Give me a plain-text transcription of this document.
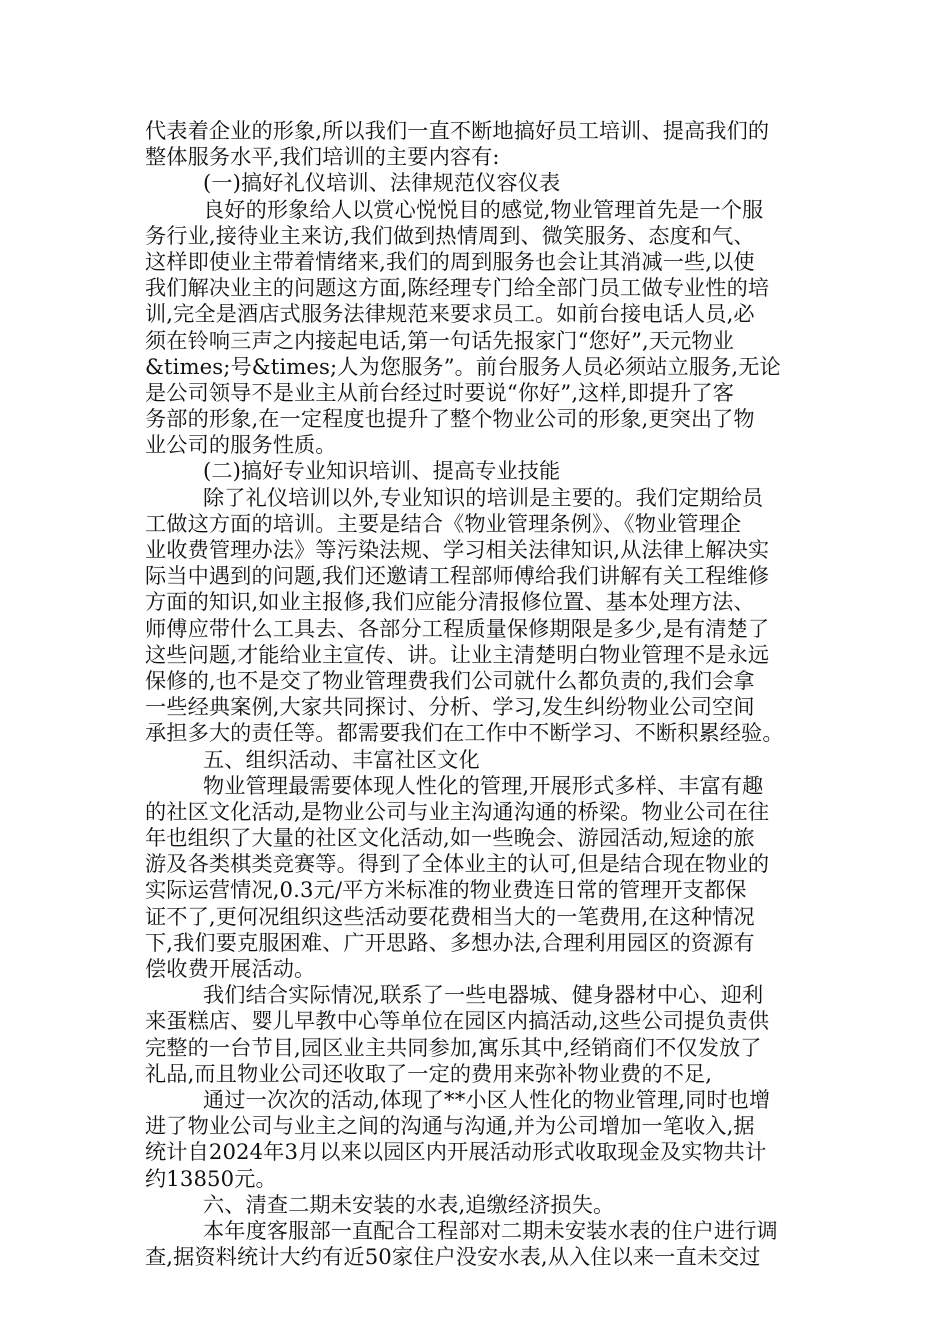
代表着企业的形象,所以我们一直不断地搞好员工培训、提高我们的
整体服务水平,我们培训的主要内容有:
(一)搞好礼仪培训、法律规范仪容仪表
良好的形象给人以赏心悦悦目的感觉,物业管理首先是一个服
务行业,接待业主来访,我们做到热情周到、微笑服务、态度和气、
这样即使业主带着情绪来,我们的周到服务也会让其消减一些,以使
我们解决业主的问题这方面,陈经理专门给全部门员工做专业性的培
训,完全是酒店式服务法律规范来要求员工。如前台接电话人员,必
须在铃响三声之内接起电话,第一句话先报家门“您好”,天元物业
&times;号&times;人为您服务”。前台服务人员必须站立服务,无论
是公司领导不是业主从前台经过时要说“你好”,这样,即提升了客
务部的形象,在一定程度也提升了整个物业公司的形象,更突出了物
业公司的服务性质。
(二)搞好专业知识培训、提高专业技能
除了礼仪培训以外,专业知识的培训是主要的。我们定期给员
工做这方面的培训。主要是结合《物业管理条例》、《物业管理企
业收费管理办法》等污染法规、学习相关法律知识,从法律上解决实
际当中遇到的问题,我们还邀请工程部师傅给我们讲解有关工程维修
方面的知识,如业主报修,我们应能分清报修位置、基本处理方法、
师傅应带什么工具去、各部分工程质量保修期限是多少,是有清楚了
这些问题,才能给业主宣传、讲。让业主清楚明白物业管理不是永远
保修的,也不是交了物业管理费我们公司就什么都负责的,我们会拿
一些经典案例,大家共同探讨、分析、学习,发生纠纷物业公司空间
承担多大的责任等。都需要我们在工作中不断学习、不断积累经验。
五、组织活动、丰富社区文化
物业管理最需要体现人性化的管理,开展形式多样、丰富有趣
的社区文化活动,是物业公司与业主沟通沟通的桥梁。物业公司在往
年也组织了大量的社区文化活动,如一些晚会、游园活动,短途的旅
游及各类棋类竞赛等。得到了全体业主的认可,但是结合现在物业的
实际运营情况,0.3元/平方米标准的物业费连日常的管理开支都保
证不了,更何况组织这些活动要花费相当大的一笔费用,在这种情况
下,我们要克服困难、广开思路、多想办法,合理利用园区的资源有
偿收费开展活动。
我们结合实际情况,联系了一些电器城、健身器材中心、迎利
来蛋糕店、婴儿早教中心等单位在园区内搞活动,这些公司提负责供
完整的一台节目,园区业主共同参加,寓乐其中,经销商们不仅发放了
礼品,而且物业公司还收取了一定的费用来弥补物业费的不足,
通过一次次的活动,体现了**小区人性化的物业管理,同时也增
进了物业公司与业主之间的沟通与沟通,并为公司增加一笔收入,据
统计自2024年3月以来以园区内开展活动形式收取现金及实物共计
约13850元。
六、清查二期未安装的水表,追缴经济损失。
本年度客服部一直配合工程部对二期未安装水表的住户进行调
查,据资料统计大约有近50家住户没安水表,从入住以来一直未交过
